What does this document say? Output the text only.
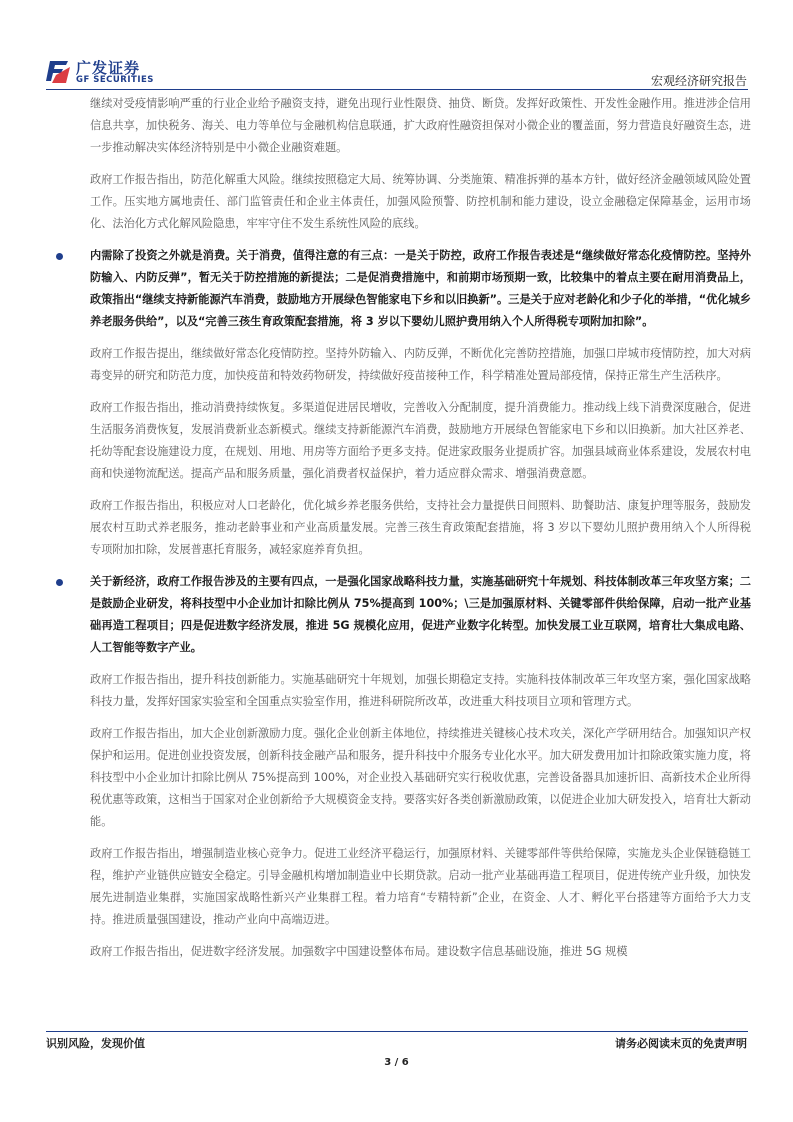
广发证券
GF SECURITIES	宏观经济研究报告

继续对受疫情影响严重的行业企业给予融资支持，避免出现行业性限贷、抽贷、断贷。发挥好政策性、开发性金融作用。推进涉企信用信息共享，加快税务、海关、电力等单位与金融机构信息联通，扩大政府性融资担保对小微企业的覆盖面，努力营造良好融资生态，进一步推动解决实体经济特别是中小微企业融资难题。

政府工作报告指出，防范化解重大风险。继续按照稳定大局、统筹协调、分类施策、精准拆弹的基本方针，做好经济金融领域风险处置工作。压实地方属地责任、部门监管责任和企业主体责任，加强风险预警、防控机制和能力建设，设立金融稳定保障基金，运用市场化、法治化方式化解风险隐患，牢牢守住不发生系统性风险的底线。

内需除了投资之外就是消费。关于消费，值得注意的有三点：一是关于防控，政府工作报告表述是“继续做好常态化疫情防控。坚持外防输入、内防反弹”，暂无关于防控措施的新提法；二是促消费措施中，和前期市场预期一致，比较集中的着点主要在耐用消费品上，政策指出“继续支持新能源汽车消费，鼓励地方开展绿色智能家电下乡和以旧换新”。三是关于应对老龄化和少子化的举措，“优化城乡养老服务供给”，以及“完善三孩生育政策配套措施，将 3 岁以下婴幼儿照护费用纳入个人所得税专项附加扣除”。

政府工作报告提出，继续做好常态化疫情防控。坚持外防输入、内防反弹，不断优化完善防控措施，加强口岸城市疫情防控，加大对病毒变异的研究和防范力度，加快疫苗和特效药物研发，持续做好疫苗接种工作，科学精准处置局部疫情，保持正常生产生活秩序。

政府工作报告指出，推动消费持续恢复。多渠道促进居民增收，完善收入分配制度，提升消费能力。推动线上线下消费深度融合，促进生活服务消费恢复，发展消费新业态新模式。继续支持新能源汽车消费，鼓励地方开展绿色智能家电下乡和以旧换新。加大社区养老、托幼等配套设施建设力度，在规划、用地、用房等方面给予更多支持。促进家政服务业提质扩容。加强县域商业体系建设，发展农村电商和快递物流配送。提高产品和服务质量，强化消费者权益保护，着力适应群众需求、增强消费意愿。

政府工作报告指出，积极应对人口老龄化，优化城乡养老服务供给，支持社会力量提供日间照料、助餐助洁、康复护理等服务，鼓励发展农村互助式养老服务，推动老龄事业和产业高质量发展。完善三孩生育政策配套措施，将 3 岁以下婴幼儿照护费用纳入个人所得税专项附加扣除，发展普惠托育服务，减轻家庭养育负担。

关于新经济，政府工作报告涉及的主要有四点，一是强化国家战略科技力量，实施基础研究十年规划、科技体制改革三年攻坚方案；二是鼓励企业研发，将科技型中小企业加计扣除比例从 75%提高到 100%；\三是加强原材料、关键零部件供给保障，启动一批产业基础再造工程项目；四是促进数字经济发展，推进 5G 规模化应用，促进产业数字化转型。加快发展工业互联网，培育壮大集成电路、人工智能等数字产业。

政府工作报告指出，提升科技创新能力。实施基础研究十年规划，加强长期稳定支持。实施科技体制改革三年攻坚方案，强化国家战略科技力量，发挥好国家实验室和全国重点实验室作用，推进科研院所改革，改进重大科技项目立项和管理方式。

政府工作报告指出，加大企业创新激励力度。强化企业创新主体地位，持续推进关键核心技术攻关，深化产学研用结合。加强知识产权保护和运用。促进创业投资发展，创新科技金融产品和服务，提升科技中介服务专业化水平。加大研发费用加计扣除政策实施力度，将科技型中小企业加计扣除比例从 75%提高到 100%，对企业投入基础研究实行税收优惠，完善设备器具加速折旧、高新技术企业所得税优惠等政策，这相当于国家对企业创新给予大规模资金支持。要落实好各类创新激励政策，以促进企业加大研发投入，培育壮大新动能。

政府工作报告指出，增强制造业核心竞争力。促进工业经济平稳运行，加强原材料、关键零部件等供给保障，实施龙头企业保链稳链工程，维护产业链供应链安全稳定。引导金融机构增加制造业中长期贷款。启动一批产业基础再造工程项目，促进传统产业升级，加快发展先进制造业集群，实施国家战略性新兴产业集群工程。着力培育“专精特新”企业，在资金、人才、孵化平台搭建等方面给予大力支持。推进质量强国建设，推动产业向中高端迈进。

政府工作报告指出，促进数字经济发展。加强数字中国建设整体布局。建设数字信息基础设施，推进 5G 规模

识别风险，发现价值	请务必阅读末页的免责声明
3 / 6
